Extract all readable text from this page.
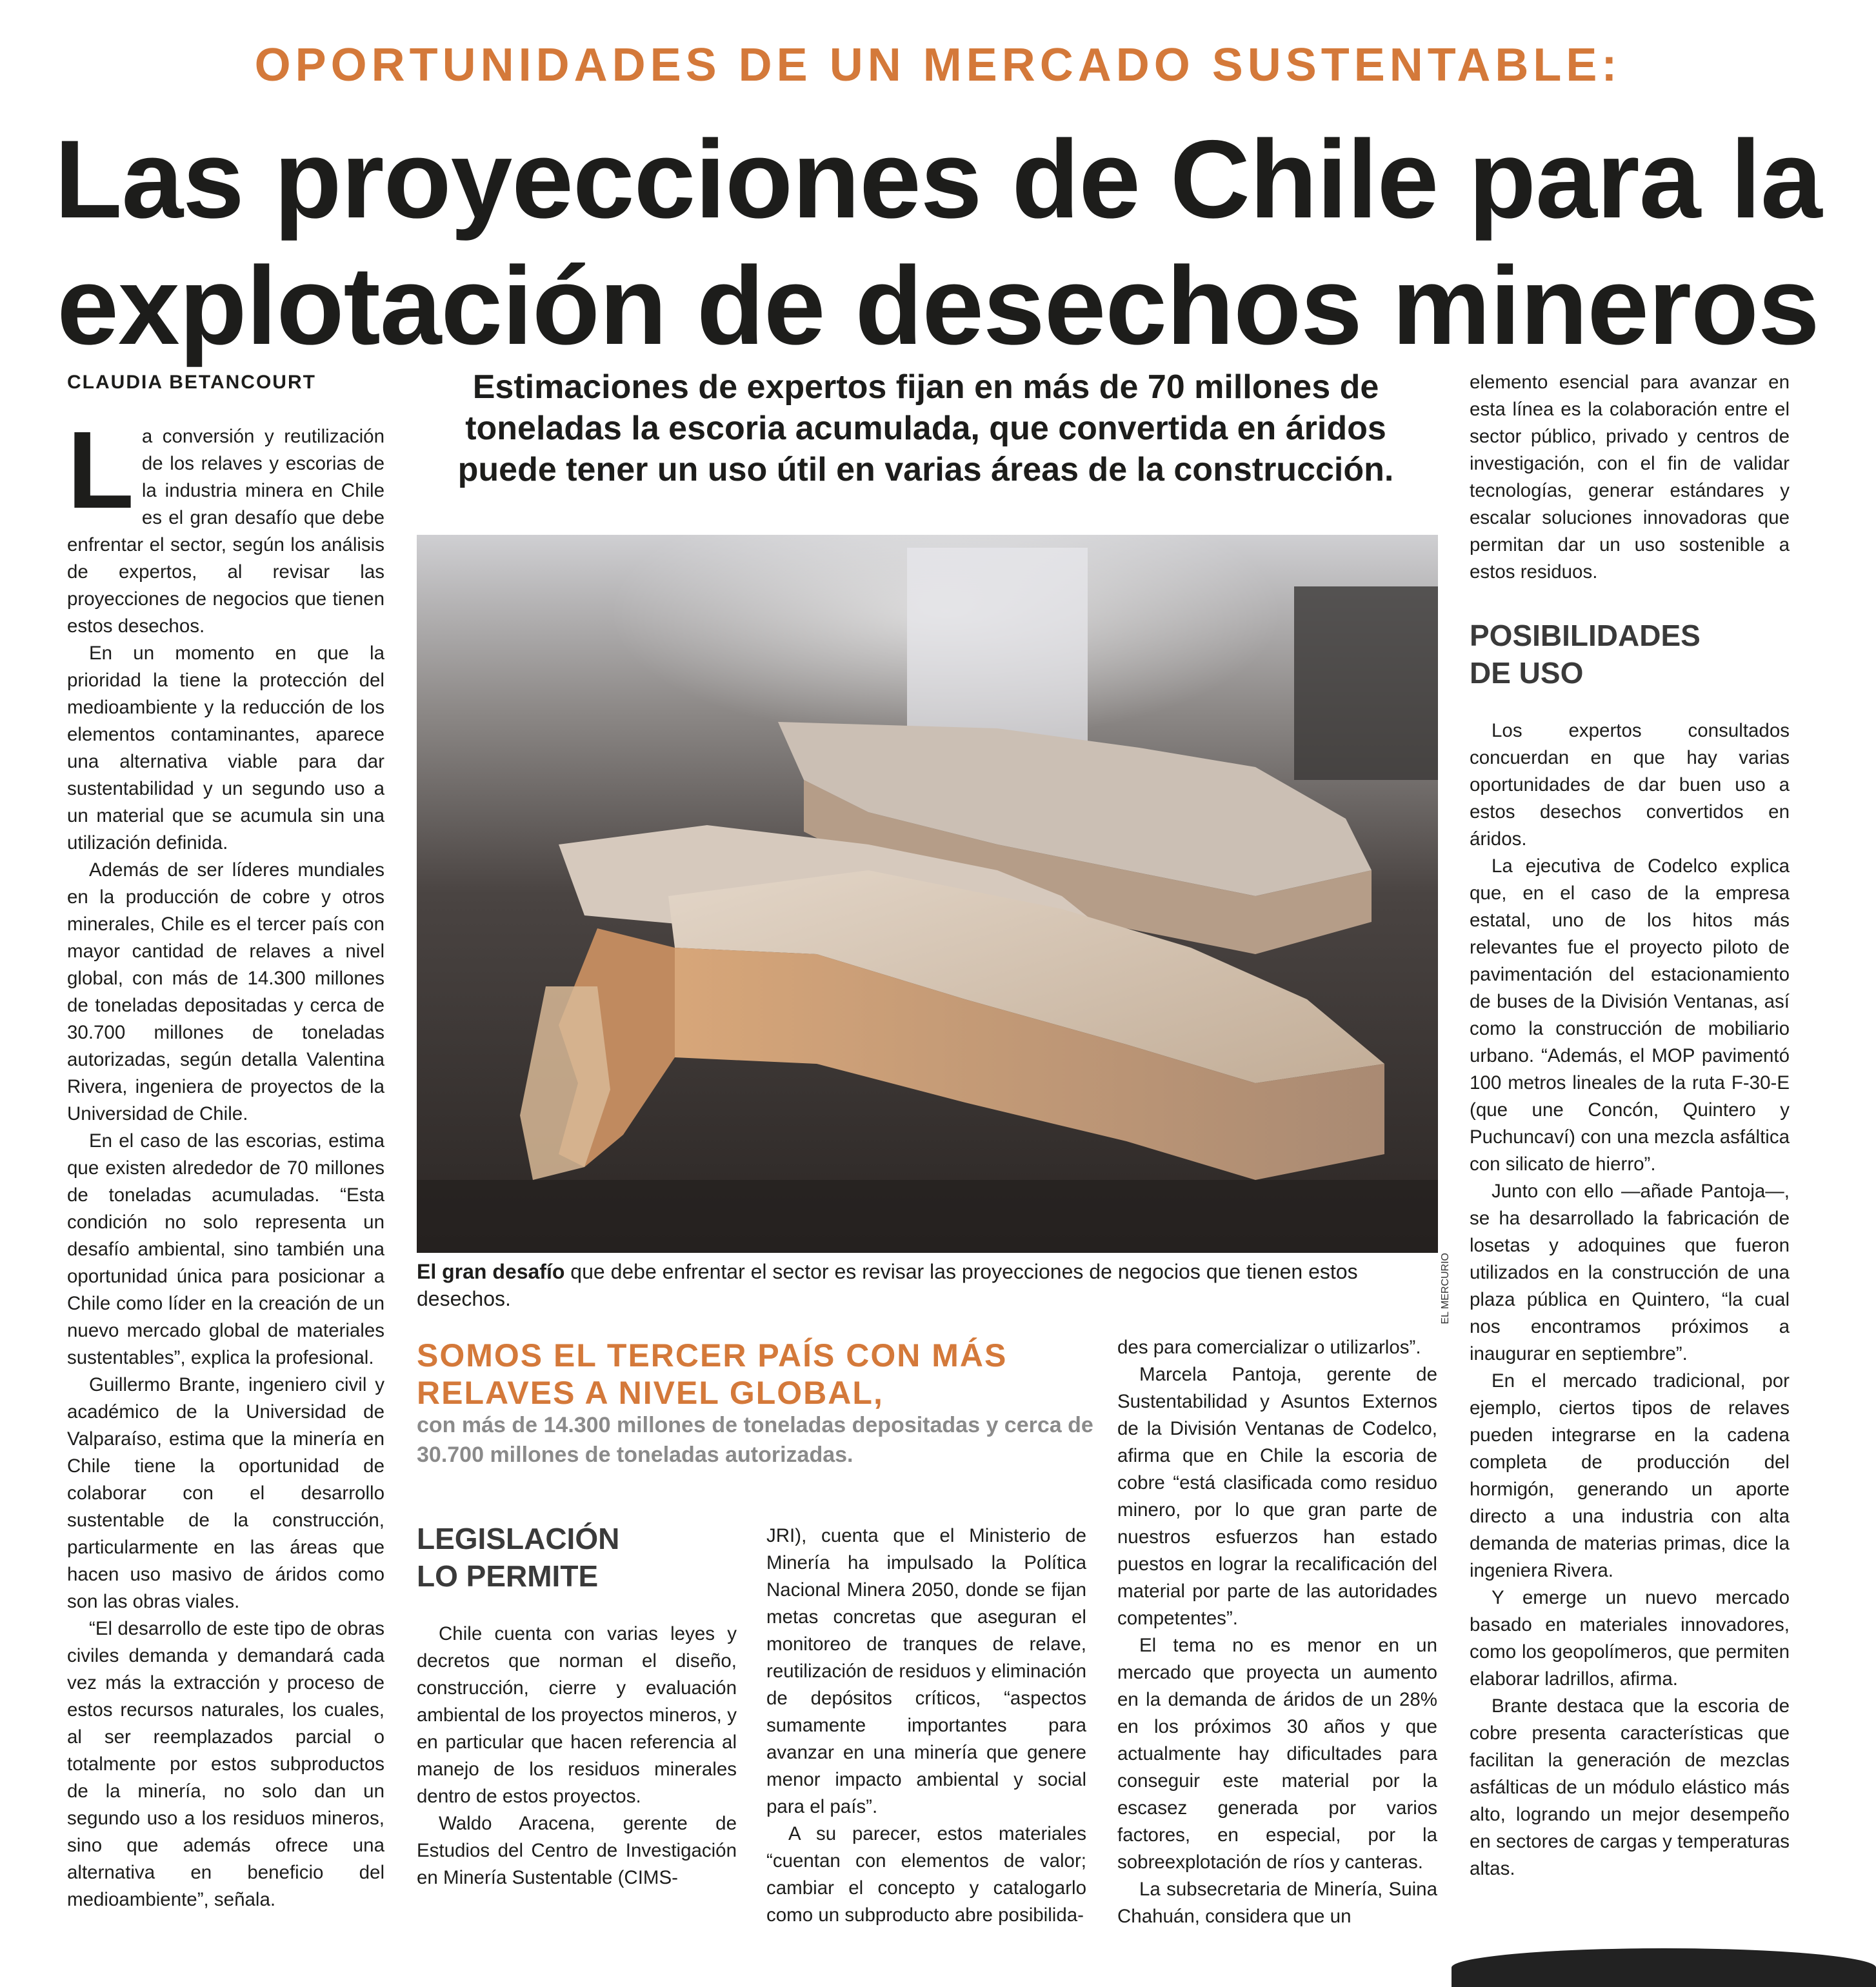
OPORTUNIDADES DE UN MERCADO SUSTENTABLE:
Las proyecciones de Chile para la
explotación de desechos mineros
CLAUDIA BETANCOURT

La conversión y reutilización de los relaves y escorias de la industria minera en Chile es el gran desafío que debe enfrentar el sector, según los análisis de expertos, al revisar las proyecciones de negocios que tienen estos desechos.

En un momento en que la prioridad la tiene la protección del medioambiente y la reducción de los elementos contaminantes, aparece una alternativa viable para dar sustentabilidad y un segundo uso a un material que se acumula sin una utilización definida.

Además de ser líderes mundiales en la producción de cobre y otros minerales, Chile es el tercer país con mayor cantidad de relaves a nivel global, con más de 14.300 millones de toneladas depositadas y cerca de 30.700 millones de toneladas autorizadas, según detalla Valentina Rivera, ingeniera de proyectos de la Universidad de Chile.

En el caso de las escorias, estima que existen alrededor de 70 millones de toneladas acumuladas. “Esta condición no solo representa un desafío ambiental, sino también una oportunidad única para posicionar a Chile como líder en la creación de un nuevo mercado global de materiales sustentables”, explica la profesional.

Guillermo Brante, ingeniero civil y académico de la Universidad de Valparaíso, estima que la minería en Chile tiene la oportunidad de colaborar con el desarrollo sustentable de la construcción, particularmente en las áreas que hacen uso masivo de áridos como son las obras viales.

“El desarrollo de este tipo de obras civiles demanda y demandará cada vez más la extracción y proceso de estos recursos naturales, los cuales, al ser reemplazados parcial o totalmente por estos subproductos de la minería, no solo dan un segundo uso a los residuos mineros, sino que además ofrece una alternativa en beneficio del medioambiente”, señala.

Estimaciones de expertos fijan en más de 70 millones de toneladas la escoria acumulada, que convertida en áridos puede tener un uso útil en varias áreas de la construcción.
EL MERCURIO
El gran desafío que debe enfrentar el sector es revisar las proyecciones de negocios que tienen estos desechos.
SOMOS EL TERCER PAÍS CON MÁS RELAVES A NIVEL GLOBAL,
con más de 14.300 millones de toneladas depositadas y cerca de 30.700 millones de toneladas autorizadas.
LEGISLACIÓN
LO PERMITE

Chile cuenta con varias leyes y decretos que norman el diseño, construcción, cierre y evaluación ambiental de los proyectos mineros, y en particular que hacen referencia al manejo de los residuos minerales dentro de estos proyectos.

Waldo Aracena, gerente de Estudios del Centro de Investigación en Minería Sustentable (CIMS-

JRI), cuenta que el Ministerio de Minería ha impulsado la Política Nacional Minera 2050, donde se fijan metas concretas que aseguran el monitoreo de tranques de relave, reutilización de residuos y eliminación de depósitos críticos, “aspectos sumamente importantes para avanzar en una minería que genere menor impacto ambiental y social para el país”.

A su parecer, estos materiales “cuentan con elementos de valor; cambiar el concepto y catalogarlo como un subproducto abre posibilida-

des para comercializar o utilizarlos”.

Marcela Pantoja, gerente de Sustentabilidad y Asuntos Externos de la División Ventanas de Codelco, afirma que en Chile la escoria de cobre “está clasificada como residuo minero, por lo que gran parte de nuestros esfuerzos han estado puestos en lograr la recalificación del material por parte de las autoridades competentes”.

El tema no es menor en un mercado que proyecta un aumento en la demanda de áridos de un 28% en los próximos 30 años y que actualmente hay dificultades para conseguir este material por la escasez generada por varios factores, en especial, por la sobreexplotación de ríos y canteras.

La subsecretaria de Minería, Suina Chahuán, considera que un

elemento esencial para avanzar en esta línea es la colaboración entre el sector público, privado y centros de investigación, con el fin de validar tecnologías, generar estándares y escalar soluciones innovadoras que permitan dar un uso sostenible a estos residuos.

POSIBILIDADES
DE USO

Los expertos consultados concuerdan en que hay varias oportunidades de dar buen uso a estos desechos convertidos en áridos.

La ejecutiva de Codelco explica que, en el caso de la empresa estatal, uno de los hitos más relevantes fue el proyecto piloto de pavimentación del estacionamiento de buses de la División Ventanas, así como la construcción de mobiliario urbano. “Además, el MOP pavimentó 100 metros lineales de la ruta F-30-E (que une Concón, Quintero y Puchuncaví) con una mezcla asfáltica con silicato de hierro”.

Junto con ello —añade Pantoja—, se ha desarrollado la fabricación de losetas y adoquines que fueron utilizados en la construcción de una plaza pública en Quintero, “la cual nos encontramos próximos a inaugurar en septiembre”.

En el mercado tradicional, por ejemplo, ciertos tipos de relaves pueden integrarse en la cadena completa de producción del hormigón, generando un aporte directo a una industria con alta demanda de materias primas, dice la ingeniera Rivera.

Y emerge un nuevo mercado basado en materiales innovadores, como los geopolímeros, que permiten elaborar ladrillos, afirma.

Brante destaca que la escoria de cobre presenta características que facilitan la generación de mezclas asfálticas de un módulo elástico más alto, logrando un mejor desempeño en sectores de cargas y temperaturas altas.
